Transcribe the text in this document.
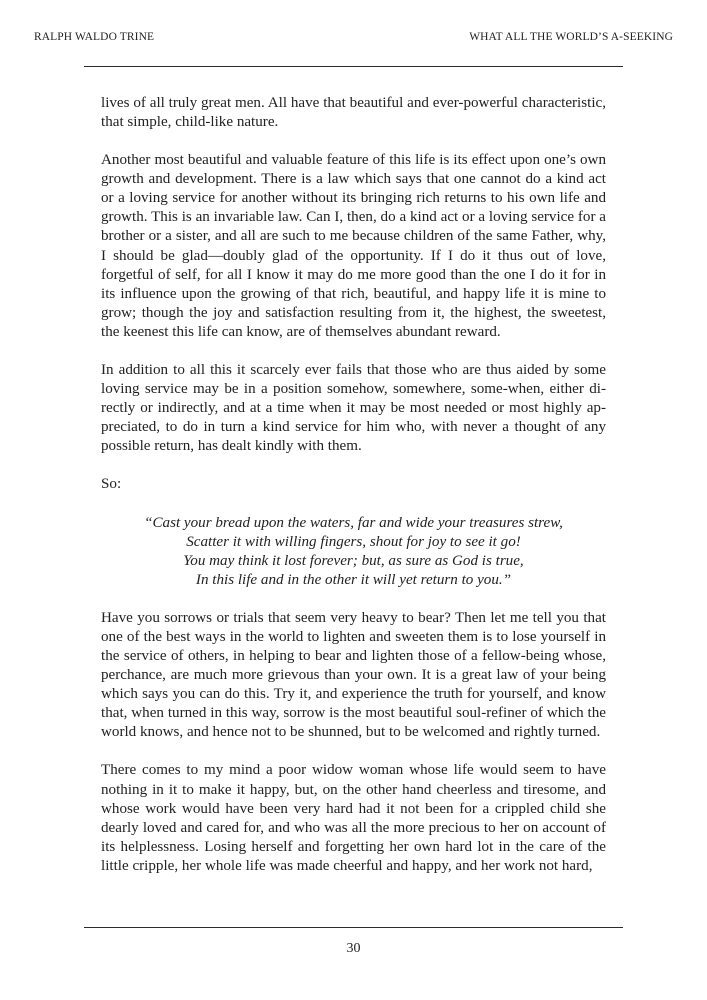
RALPH WALDO TRINE	WHAT ALL THE WORLD’S A-SEEKING

lives of all truly great men. All have that beautiful and ever-powerful characteristic, that simple, child-like nature.

Another most beautiful and valuable feature of this life is its effect upon one’s own growth and development. There is a law which says that one cannot do a kind act or a loving service for another without its bringing rich returns to his own life and growth. This is an invariable law. Can I, then, do a kind act or a loving service for a brother or a sister, and all are such to me because children of the same Father, why, I should be glad—doubly glad of the opportunity. If I do it thus out of love, forgetful of self, for all I know it may do me more good than the one I do it for in its influence upon the growing of that rich, beautiful, and happy life it is mine to grow; though the joy and satisfaction resulting from it, the highest, the sweetest, the keenest this life can know, are of themselves abundant reward.

In addition to all this it scarcely ever fails that those who are thus aided by some loving service may be in a position somehow, somewhere, some-when, either directly or indirectly, and at a time when it may be most needed or most highly appreciated, to do in turn a kind service for him who, with never a thought of any possible return, has dealt kindly with them.

So:

“Cast your bread upon the waters, far and wide your treasures strew,
Scatter it with willing fingers, shout for joy to see it go!
You may think it lost forever; but, as sure as God is true,
In this life and in the other it will yet return to you.”

Have you sorrows or trials that seem very heavy to bear? Then let me tell you that one of the best ways in the world to lighten and sweeten them is to lose yourself in the service of others, in helping to bear and lighten those of a fellow-being whose, perchance, are much more grievous than your own. It is a great law of your being which says you can do this. Try it, and experience the truth for yourself, and know that, when turned in this way, sorrow is the most beautiful soul-refiner of which the world knows, and hence not to be shunned, but to be welcomed and rightly turned.

There comes to my mind a poor widow woman whose life would seem to have nothing in it to make it happy, but, on the other hand cheerless and tiresome, and whose work would have been very hard had it not been for a crippled child she dearly loved and cared for, and who was all the more precious to her on account of its helplessness. Losing herself and forgetting her own hard lot in the care of the little cripple, her whole life was made cheerful and happy, and her work not hard,

30
